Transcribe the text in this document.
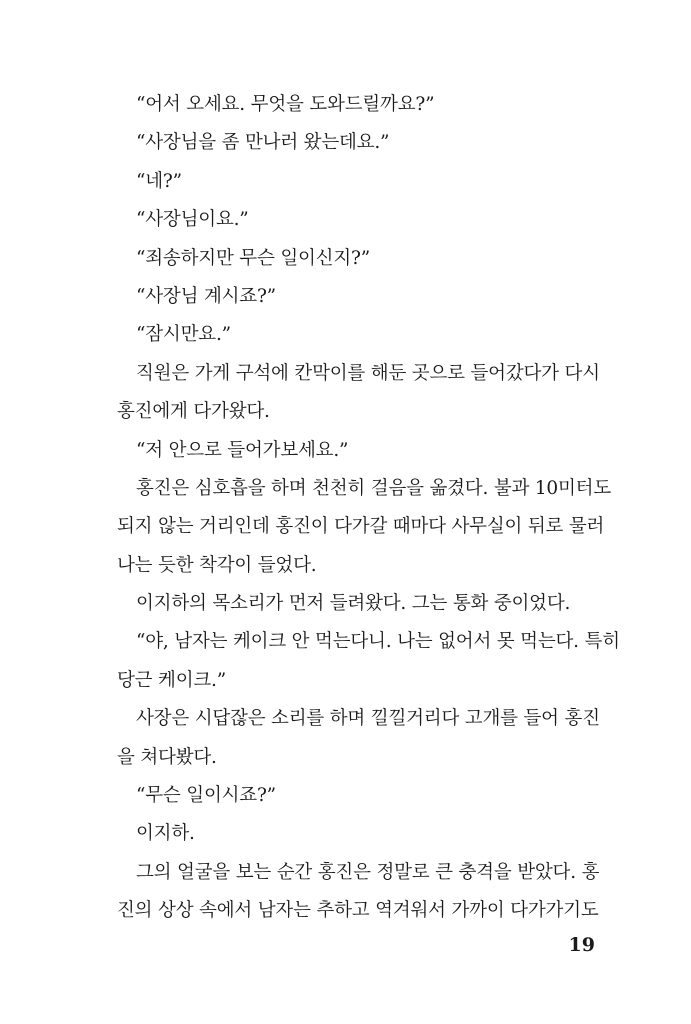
“어서 오세요. 무엇을 도와드릴까요?”
“사장님을 좀 만나러 왔는데요.”
“네?”
“사장님이요.”
“죄송하지만 무슨 일이신지?”
“사장님 계시죠?”
“잠시만요.”
직원은 가게 구석에 칸막이를 해둔 곳으로 들어갔다가 다시
홍진에게 다가왔다.
“저 안으로 들어가보세요.”
홍진은 심호흡을 하며 천천히 걸음을 옮겼다. 불과 10미터도
되지 않는 거리인데 홍진이 다가갈 때마다 사무실이 뒤로 물러
나는 듯한 착각이 들었다.
이지하의 목소리가 먼저 들려왔다. 그는 통화 중이었다.
“야, 남자는 케이크 안 먹는다니. 나는 없어서 못 먹는다. 특히
당근 케이크.”
사장은 시답잖은 소리를 하며 낄낄거리다 고개를 들어 홍진
을 쳐다봤다.
“무슨 일이시죠?”
이지하.
그의 얼굴을 보는 순간 홍진은 정말로 큰 충격을 받았다. 홍
진의 상상 속에서 남자는 추하고 역겨워서 가까이 다가가기도
19
